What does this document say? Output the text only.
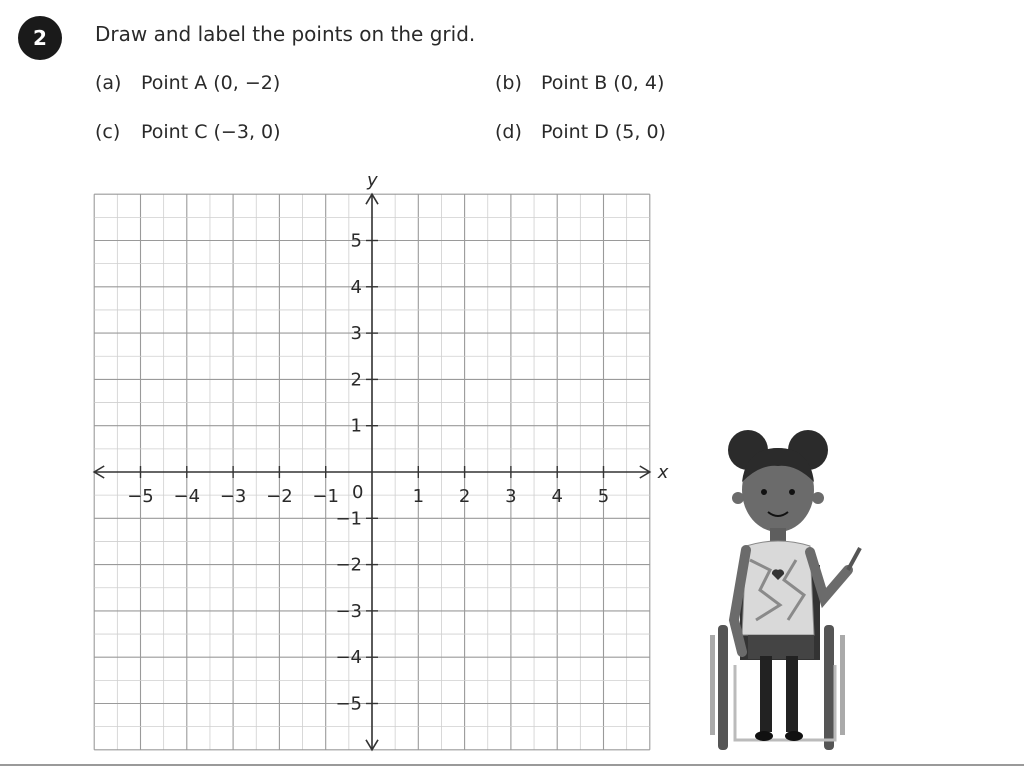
2 Draw and label the points on the grid.
(a) Point A (0, −2)	(b) Point B (0, 4)
(c) Point C (−3, 0)	(d) Point D (5, 0)
−5 −4 −3 −2 −1	1 2 3 4 5
5
4
3
2
1
−1
−2
−3
−4
−5
x
y
0
